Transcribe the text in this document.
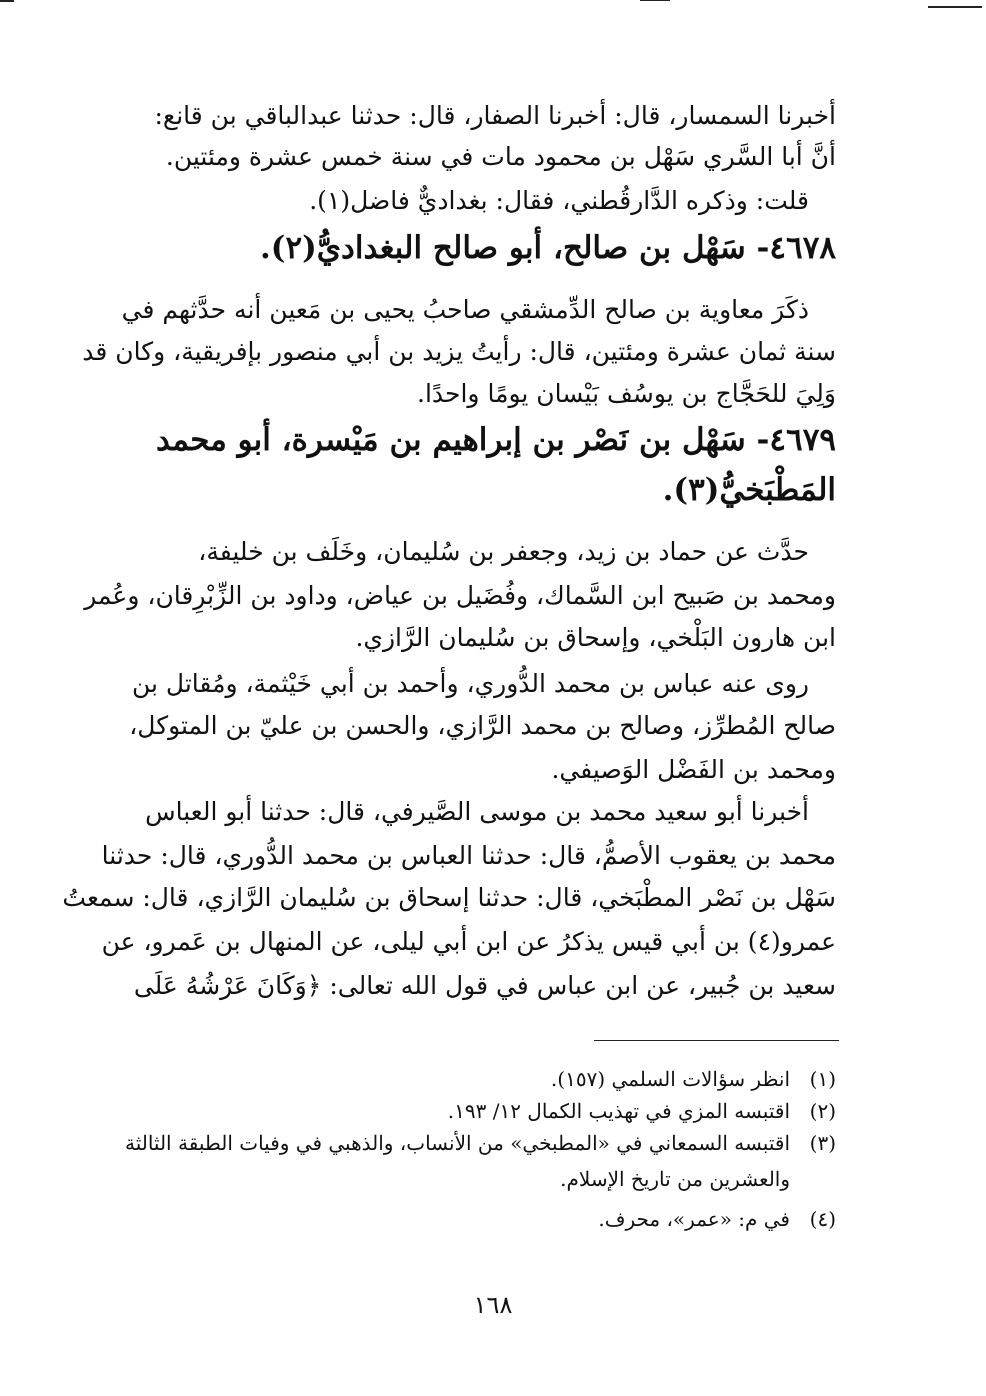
أخبرنا السمسار، قال: أخبرنا الصفار، قال: حدثنا عبدالباقي بن قانع:
أنَّ أبا السَّري سَهْل بن محمود مات في سنة خمس عشرة ومئتين.
قلت: وذكره الدَّارقُطني، فقال: بغداديٌّ فاضل(١).
٤٦٧٨- سَهْل بن صالح، أبو صالح البغداديُّ(٢).
ذكَرَ معاوية بن صالح الدِّمشقي صاحبُ يحيى بن مَعين أنه حدَّثهم في
سنة ثمان عشرة ومئتين، قال: رأيتُ يزيد بن أبي منصور بإفريقية، وكان قد
وَلِيَ للحَجَّاج بن يوسُف بَيْسان يومًا واحدًا.
٤٦٧٩- سَهْل بن نَصْر بن إبراهيم بن مَيْسرة، أبو محمد
المَطْبَخيُّ(٣).
حدَّث عن حماد بن زيد، وجعفر بن سُليمان، وخَلَف بن خليفة،
ومحمد بن صَبيح ابن السَّماك، وفُضَيل بن عياض، وداود بن الزِّبْرِقان، وعُمر
ابن هارون البَلْخي، وإسحاق بن سُليمان الرَّازي.
روى عنه عباس بن محمد الدُّوري، وأحمد بن أبي خَيْثمة، ومُقاتل بن
صالح المُطرِّز، وصالح بن محمد الرَّازي، والحسن بن عليّ بن المتوكل،
ومحمد بن الفَضْل الوَصيفي.
أخبرنا أبو سعيد محمد بن موسى الصَّيرفي، قال: حدثنا أبو العباس
محمد بن يعقوب الأصمُّ، قال: حدثنا العباس بن محمد الدُّوري، قال: حدثنا
سَهْل بن نَصْر المطْبَخي، قال: حدثنا إسحاق بن سُليمان الرَّازي، قال: سمعتُ
عمرو(٤) بن أبي قيس يذكرُ عن ابن أبي ليلى، عن المنهال بن عَمرو، عن
سعيد بن جُبير، عن ابن عباس في قول الله تعالى: ﴿وَكَانَ عَرْشُهُ عَلَى
(١)انظر سؤالات السلمي (١٥٧).
(٢)اقتبسه المزي في تهذيب الكمال ١٢/ ١٩٣.
(٣)اقتبسه السمعاني في «المطبخي» من الأنساب، والذهبي في وفيات الطبقة الثالثة
والعشرين من تاريخ الإسلام.
(٤)في م: «عمر»، محرف.
١٦٨
